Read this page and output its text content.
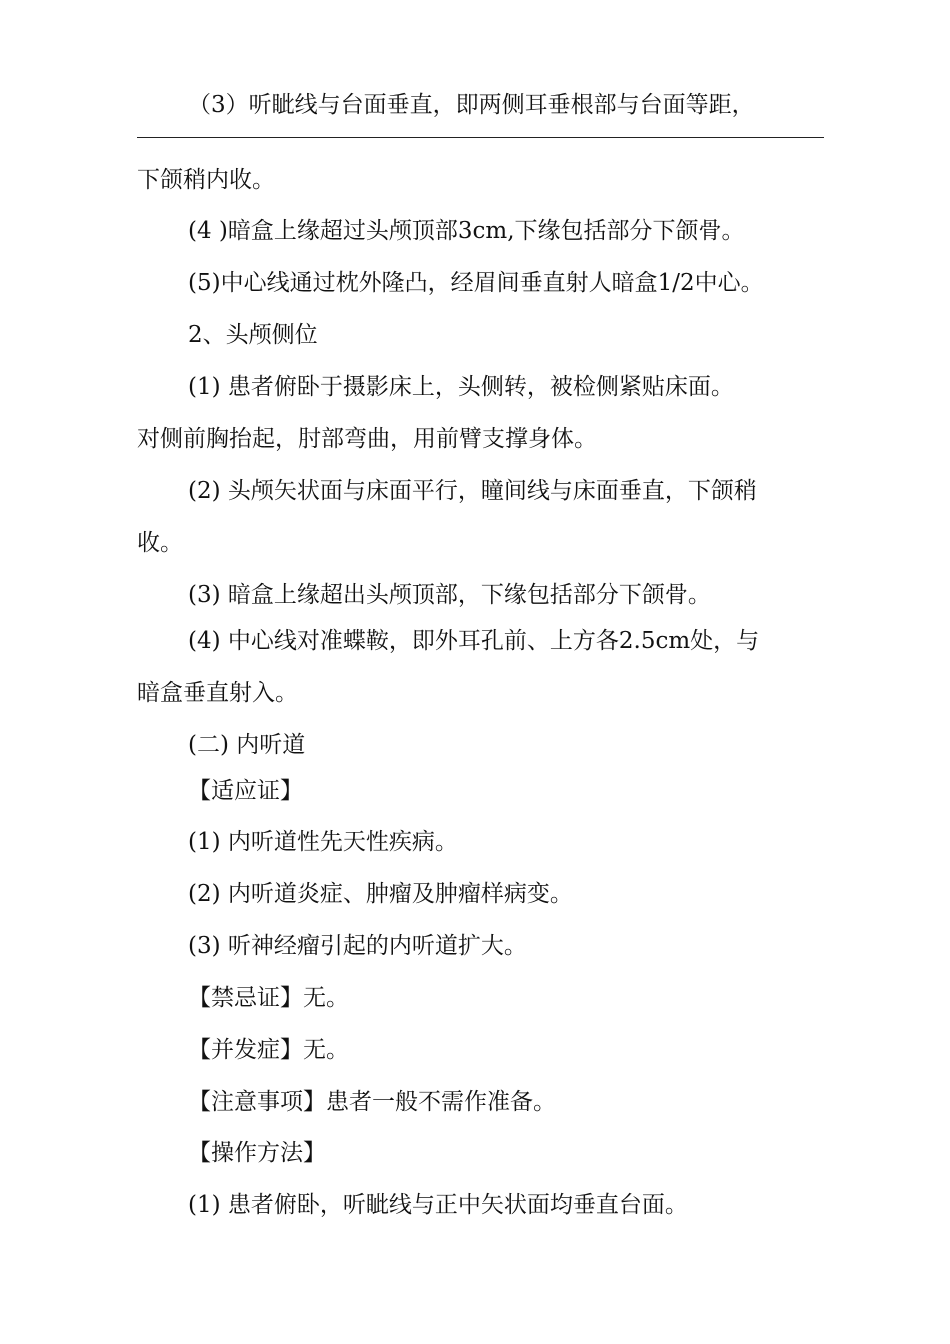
（3）听眦线与台面垂直，即两侧耳垂根部与台面等距，
下颌稍内收。
(4 )暗盒上缘超过头颅顶部3cm,下缘包括部分下颌骨。
(5)中心线通过枕外隆凸，经眉间垂直射人暗盒1/2中心。
2、头颅侧位
(1) 患者俯卧于摄影床上，头侧转，被检侧紧贴床面。
对侧前胸抬起，肘部弯曲，用前臂支撑身体。
(2) 头颅矢状面与床面平行，瞳间线与床面垂直，下颌稍
收。
(3) 暗盒上缘超出头颅顶部，下缘包括部分下颌骨。
(4) 中心线对准蝶鞍，即外耳孔前、上方各2.5cm处，与
暗盒垂直射入。
(二) 内听道
【适应证】
(1) 内听道性先天性疾病。
(2) 内听道炎症、肿瘤及肿瘤样病变。
(3) 听神经瘤引起的内听道扩大。
【禁忌证】无。
【并发症】无。
【注意事项】患者一般不需作准备。
【操作方法】
(1) 患者俯卧，听眦线与正中矢状面均垂直台面。
